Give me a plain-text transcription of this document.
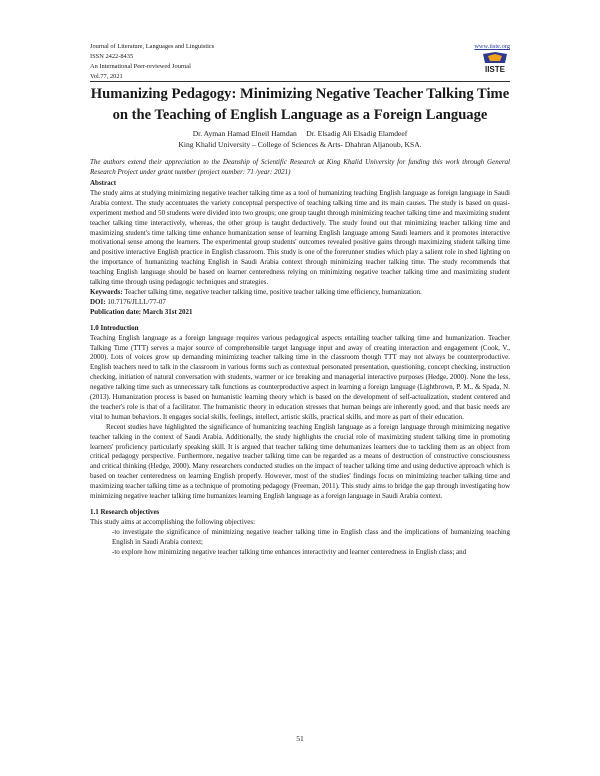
Journal of Literature, Languages and Linguistics
ISSN 2422-8435
An International Peer-reviewed Journal
Vol.77, 2021
www.iiste.org
IISTE
Humanizing Pedagogy: Minimizing Negative Teacher Talking Time on the Teaching of English Language as a Foreign Language
Dr. Ayman Hamad Elneil Hamdan     Dr. Elsadig Ali Elsadig Elamdeef
King Khalid University – College of Sciences & Arts- Dhahran Aljanoub, KSA.
The authors extend their appreciation to the Deanship of Scientific Research at King Khalid University for funding this work through General Research Project under grant number (project number: 71 /year: 2021)

Abstract

The study aims at studying minimizing negative teacher talking time as a tool of humanizing teaching English language as foreign language in Saudi Arabia context. The study accentuates the variety conceptual perspective of teaching talking time and its main causes. The study is based on quasi-experiment method and 50 students were divided into two groups; one group taught through minimizing teacher talking time and maximizing student teacher talking time interactively, whereas, the other group is taught deductively. The study found out that minimizing teacher talking time and maximizing student's time talking time enhance humanization sense of learning English language among Saudi learners and it promotes interactive motivational sense among the learners. The experimental group students' outcomes revealed positive gains through maximizing student talking time and positive interactive English practice in English classroom. This study is one of the forerunner studies which play a salient role in shed lighting on the importance of humanizing teaching English in Saudi Arabia context through minimizing teacher talking time. The study recommends that teaching English language should be based on learner centeredness relying on minimizing negative teacher talking time and maximizing student talking time through using pedagogic techniques and strategies.

Keywords: Teacher talking time, negative teacher talking time, positive teacher talking time efficiency, humanization.

DOI: 10.7176/JLLL/77-07

Publication date: March 31st 2021

1.0 Introduction

Teaching English language as a foreign language requires various pedagogical aspects entailing teacher talking time and humanization. Teacher Talking Time (TTT) serves a major source of comprehensible target language input and away of creating interaction and engagement (Cook, V., 2000). Lots of voices grow up demanding minimizing teacher talking time in the classroom though TTT may not always be counterproductive. English teachers need to talk in the classroom in various forms such as contextual personated presentation, questioning, concept checking, instruction checking, initiation of natural conversation with students, warmer or ice breaking and managerial interactive purposes (Hedge, 2000). None the less, negative talking time such as unnecessary talk functions as counterproductive aspect in learning a foreign language (Lightbrown, P. M., & Spada, N. (2013). Humanization process is based on humanistic learning theory which is based on the development of self-actualization, student centered and the teacher's role is that of a facilitator. The humanistic theory in education stresses that human beings are inherently good, and that basic needs are vital to human behaviors. It engages social skills, feelings, intellect, artistic skills, practical skills, and more as part of their education.

Recent studies have highlighted the significance of humanizing teaching English language as a foreign language through minimizing negative teacher talking in the context of Saudi Arabia. Additionally, the study highlights the crucial role of maximizing student talking time in promoting learners' proficiency particularly speaking skill. It is argued that teacher talking time dehumanizes learners due to tackling them as an object from critical pedagogy perspective. Furthermore, negative teacher talking time can be regarded as a means of destruction of constructive consciousness and critical thinking (Hedge, 2000). Many researchers conducted studies on the impact of teacher talking time and using deductive approach which is based on teacher centeredness on learning English properly. However, most of the studies' findings focus on minimizing teacher talking time and maximizing teacher talking time as a technique of promoting pedagogy (Freeman, 2011). This study aims to bridge the gap through investigating how minimizing negative teacher talking time humanizes learning English language as a foreign language in Saudi Arabia context.

1.1 Research objectives

This study aims at accomplishing the following objectives:

-to investigate the significance of minimizing negative teacher talking time in English class and the implications of humanizing teaching English in Saudi Arabia context;

-to explore how minimizing negative teacher talking time enhances interactivity and learner centeredness in English class; and

51
